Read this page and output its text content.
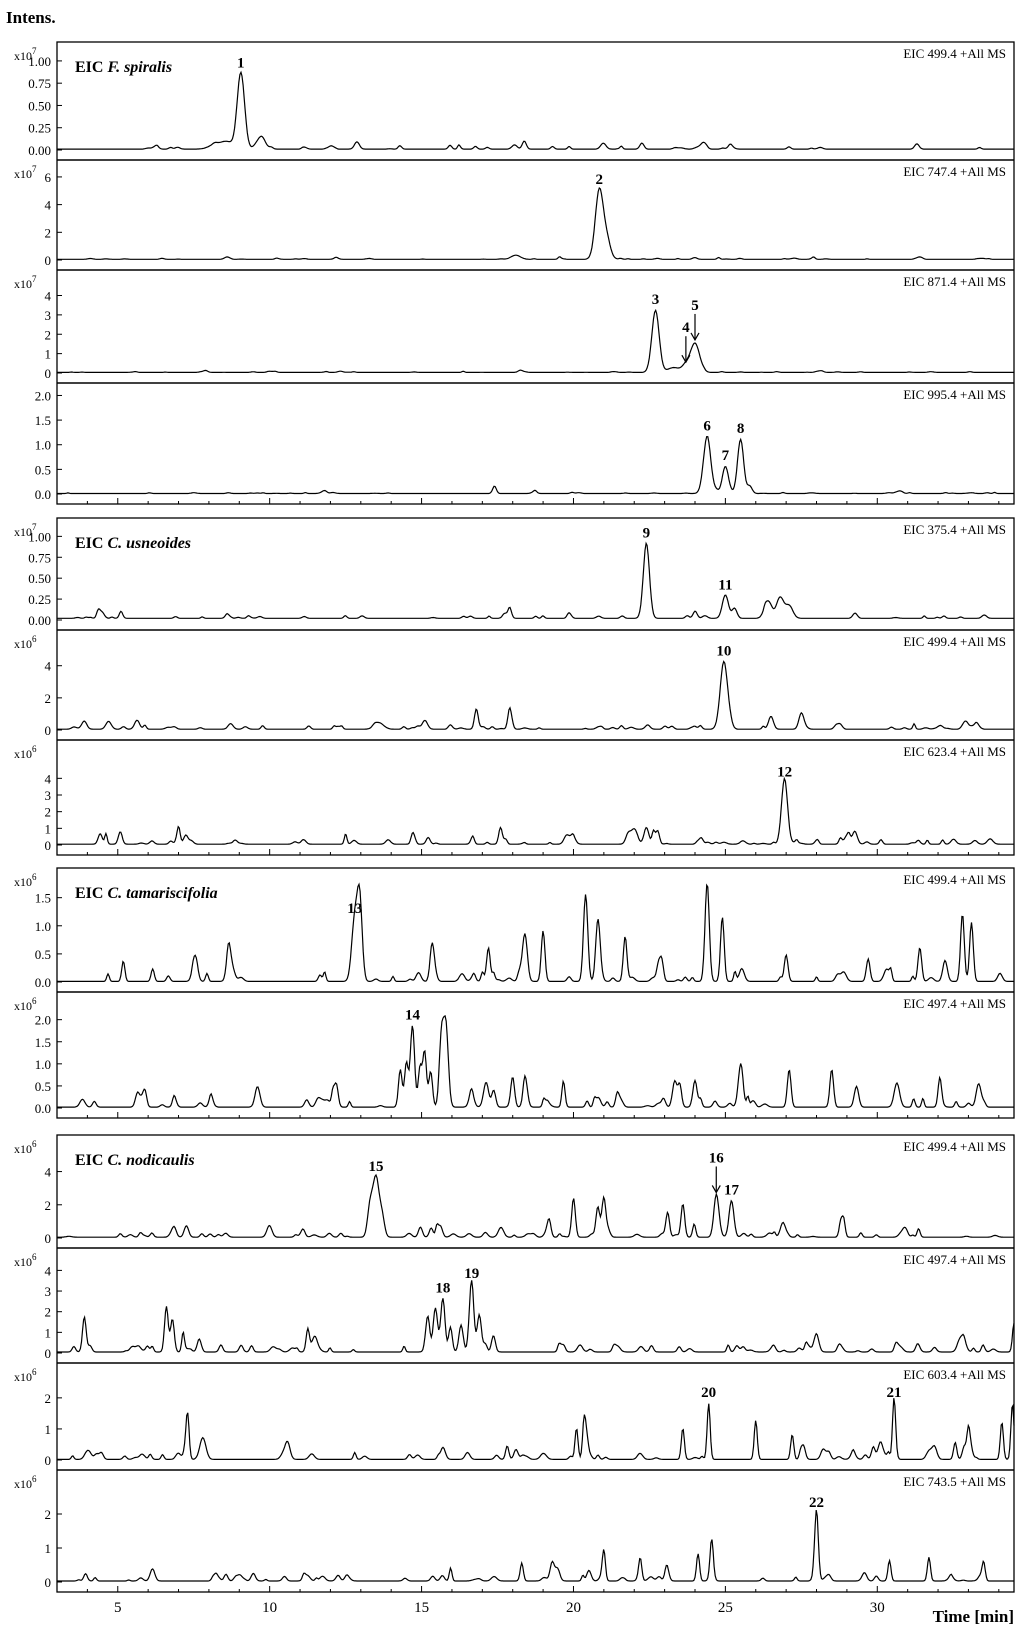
Intens.
EIC F. spiralis
EIC 499.4 +All MS
$x10^7$
1.00
0.75
0.50
0.25
0.00
1
EIC 747.4 +All MS
$x10^7$
6
4
2
0
2
EIC 871.4 +All MS
$x10^7$
4
3
2
1
0
3
4
5
EIC 995.4 +All MS
2.0
1.5
1.0
0.5
0.0
6
7
8
EIC C. usneoides
EIC 375.4 +All MS
$x10^7$
1.00
0.75
0.50
0.25
0.00
9
11
EIC 499.4 +All MS
$x10^6$
4
2
0
10
EIC 623.4 +All MS
$x10^6$
4
3
2
1
0
12
EIC C. tamariscifolia
EIC 499.4 +All MS
$x10^6$
1.5
1.0
0.5
0.0
13
EIC 497.4 +All MS
$x10^6$
2.0
1.5
1.0
0.5
0.0
14
EIC C. nodicaulis
EIC 499.4 +All MS
$x10^6$
4
2
0
15
16
17
EIC 497.4 +All MS
$x10^6$
4
3
2
1
0
18
19
EIC 603.4 +All MS
$x10^6$
2
1
0
20	21
EIC 743.5 +All MS
$x10^6$
2
1
0
22
5	10	15	20	25	30	Time [min]
